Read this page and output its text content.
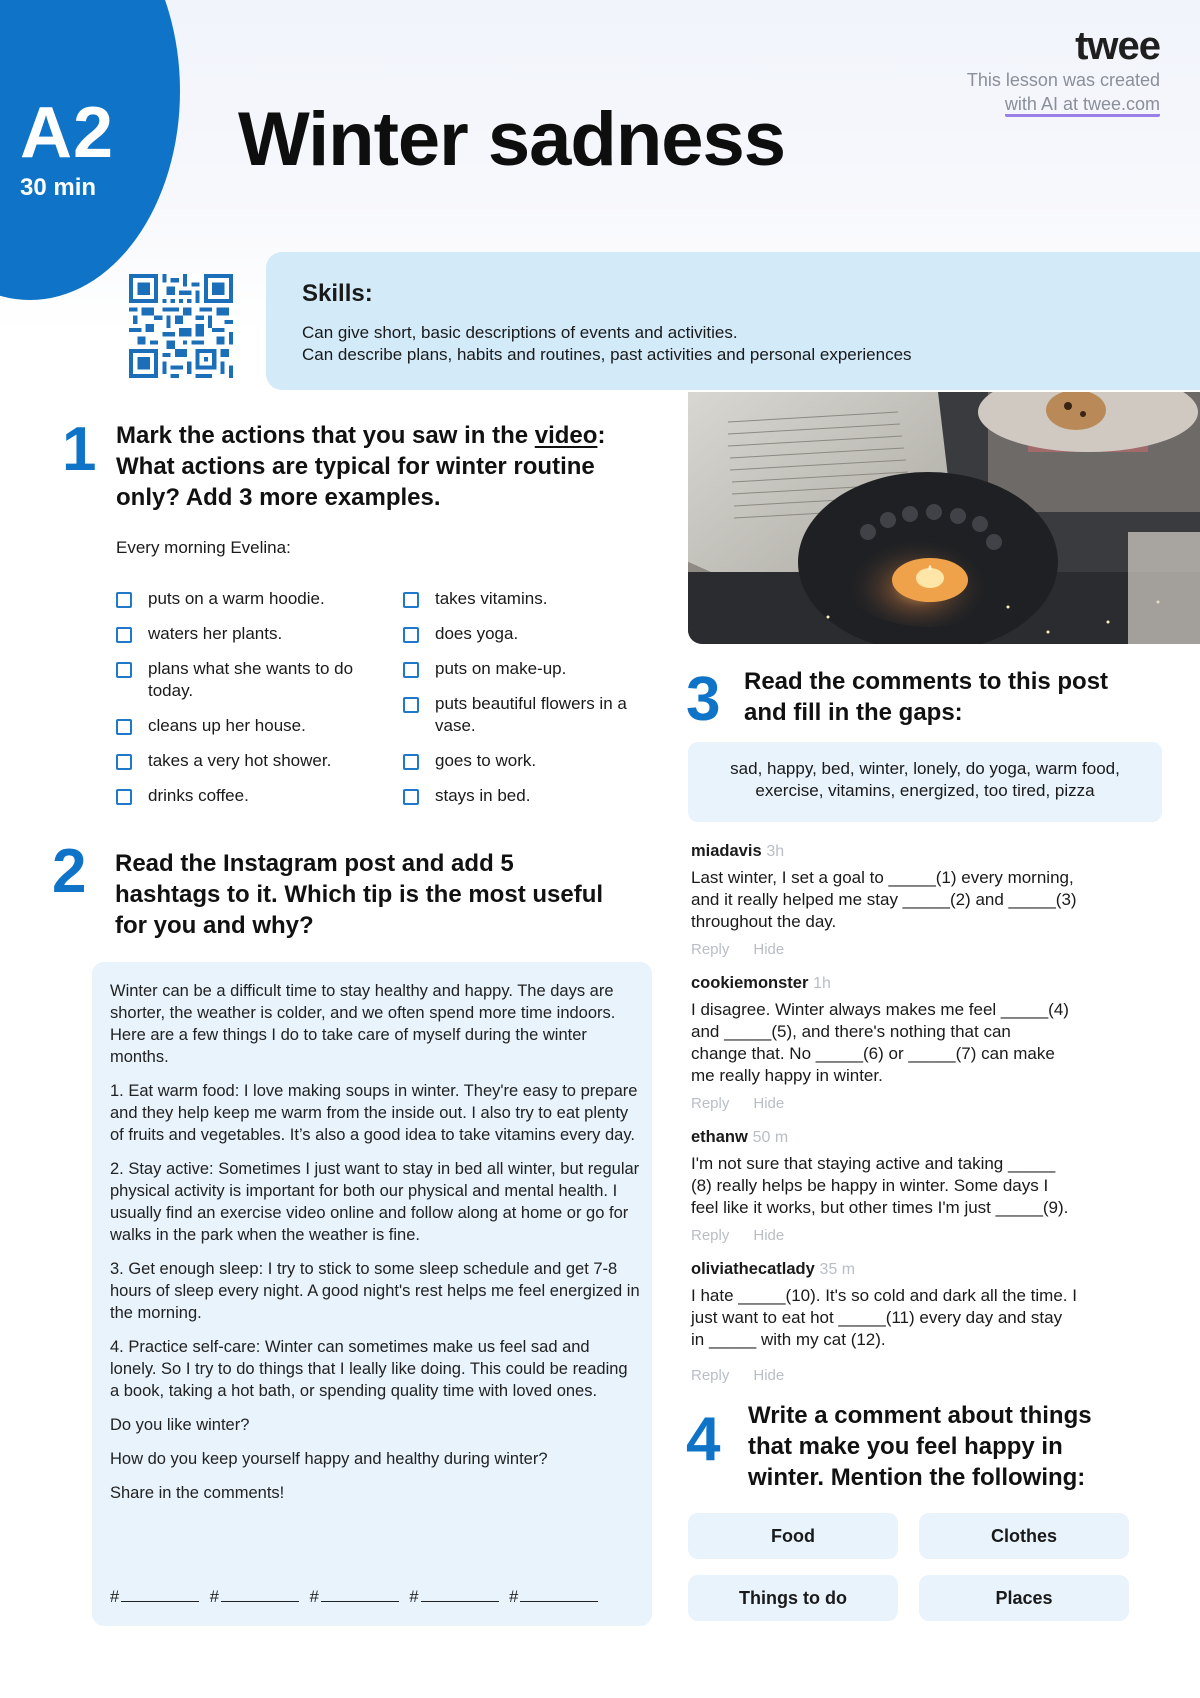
A2
30 min
Winter sadness
twee
This lesson was created
with AI at twee.com
Skills:
Can give short, basic descriptions of events and activities.
Can describe plans, habits and routines, past activities and personal experiences
1 Mark the actions that you saw in the video:
What actions are typical for winter routine
only? Add 3 more examples.
Every morning Evelina:
puts on a warm hoodie.
waters her plants.
plans what she wants to do today.
cleans up her house.
takes a very hot shower.
drinks coffee.
takes vitamins.
does yoga.
puts on make-up.
puts beautiful flowers in a vase.
goes to work.
stays in bed.
2 Read the Instagram post and add 5
hashtags to it. Which tip is the most useful
for you and why?

Winter can be a difficult time to stay healthy and happy. The days are shorter, the weather is colder, and we often spend more time indoors. Here are a few things I do to take care of myself during the winter months.

1. Eat warm food: I love making soups in winter. They're easy to prepare and they help keep me warm from the inside out. I also try to eat plenty of fruits and vegetables. It’s also a good idea to take vitamins every day.

2. Stay active: Sometimes I just want to stay in bed all winter, but regular physical activity is important for both our physical and mental health. I usually find an exercise video online and follow along at home or go for walks in the park when the weather is fine.

3. Get enough sleep: I try to stick to some sleep schedule and get 7-8 hours of sleep every night. A good night's rest helps me feel energized in the morning.

4. Practice self-care: Winter can sometimes make us feel sad and lonely. So I try to do things that I leally like doing. This could be reading a book, taking a hot bath, or spending quality time with loved ones.

Do you like winter?

How do you keep yourself happy and healthy during winter?

Share in the comments!

#	#	#	#	#
3 Read the comments to this post
and fill in the gaps:
sad, happy, bed, winter, lonely, do yoga, warm food,
exercise, vitamins, energized, too tired, pizza
miadavis 3h
Last winter, I set a goal to _____(1) every morning,
and it really helped me stay _____(2) and _____(3)
throughout the day.
Reply Hide
cookiemonster 1h
I disagree. Winter always makes me feel _____(4)
and _____(5), and there's nothing that can
change that. No _____(6) or _____(7) can make
me really happy in winter.
Reply Hide
ethanw 50 m
I'm not sure that staying active and taking _____
(8) really helps be happy in winter. Some days I
feel like it works, but other times I'm just _____(9).
Reply Hide
oliviathecatlady 35 m
I hate _____(10). It's so cold and dark all the time. I
just want to eat hot _____(11) every day and stay
in _____ with my cat (12).
Reply Hide
4 Write a comment about things
that make you feel happy in
winter. Mention the following:
Food	Clothes
Things to do	Places
